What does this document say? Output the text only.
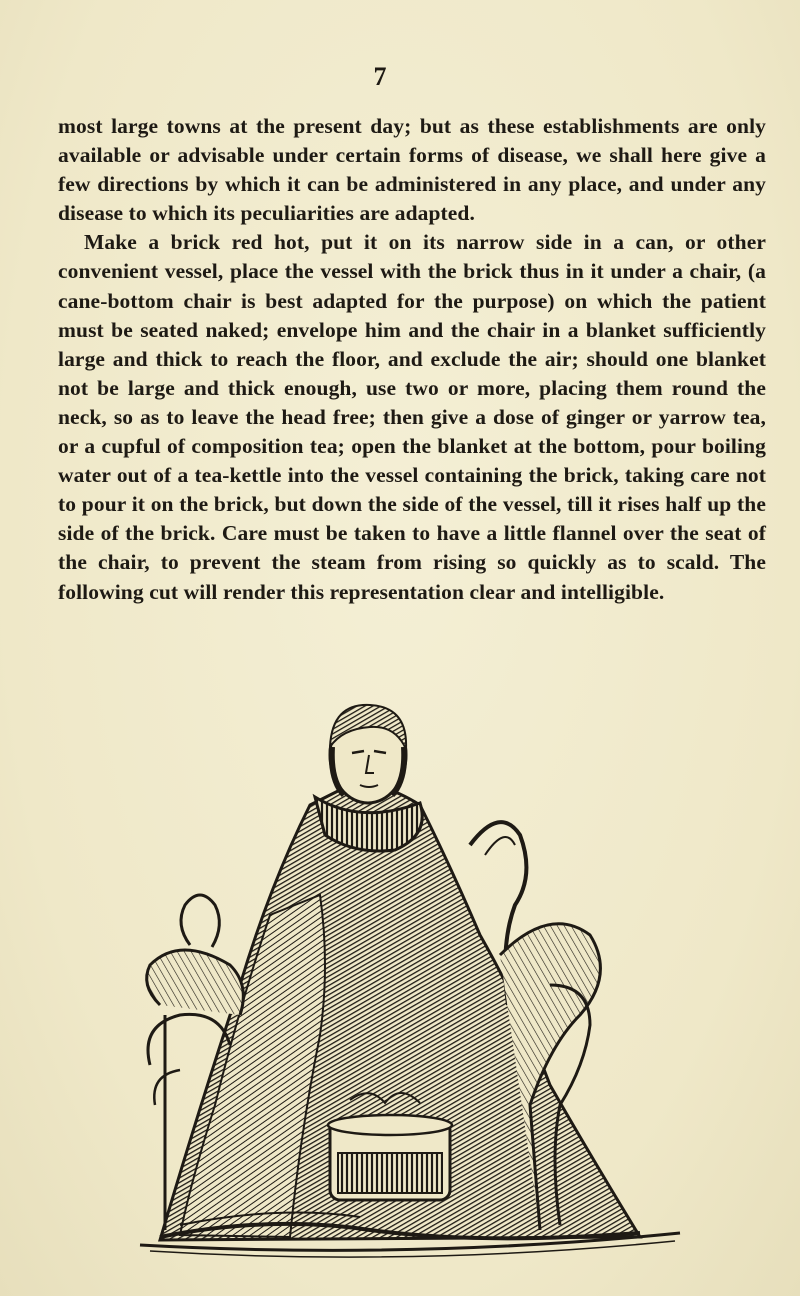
7

most large towns at the present day; but as these establishments are only available or advisable under certain forms of disease, we shall here give a few directions by which it can be administered in any place, and under any disease to which its peculiarities are adapted.

Make a brick red hot, put it on its narrow side in a can, or other convenient vessel, place the vessel with the brick thus in it under a chair, (a cane-bottom chair is best adapted for the purpose) on which the patient must be seated naked; envelope him and the chair in a blanket sufficiently large and thick to reach the floor, and exclude the air; should one blanket not be large and thick enough, use two or more, placing them round the neck, so as to leave the head free; then give a dose of ginger or yarrow tea, or a cupful of composition tea; open the blanket at the bottom, pour boiling water out of a tea-kettle into the vessel containing the brick, taking care not to pour it on the brick, but down the side of the vessel, till it rises half up the side of the brick. Care must be taken to have a little flannel over the seat of the chair, to prevent the steam from rising so quickly as to scald. The following cut will render this representation clear and intelligible.
